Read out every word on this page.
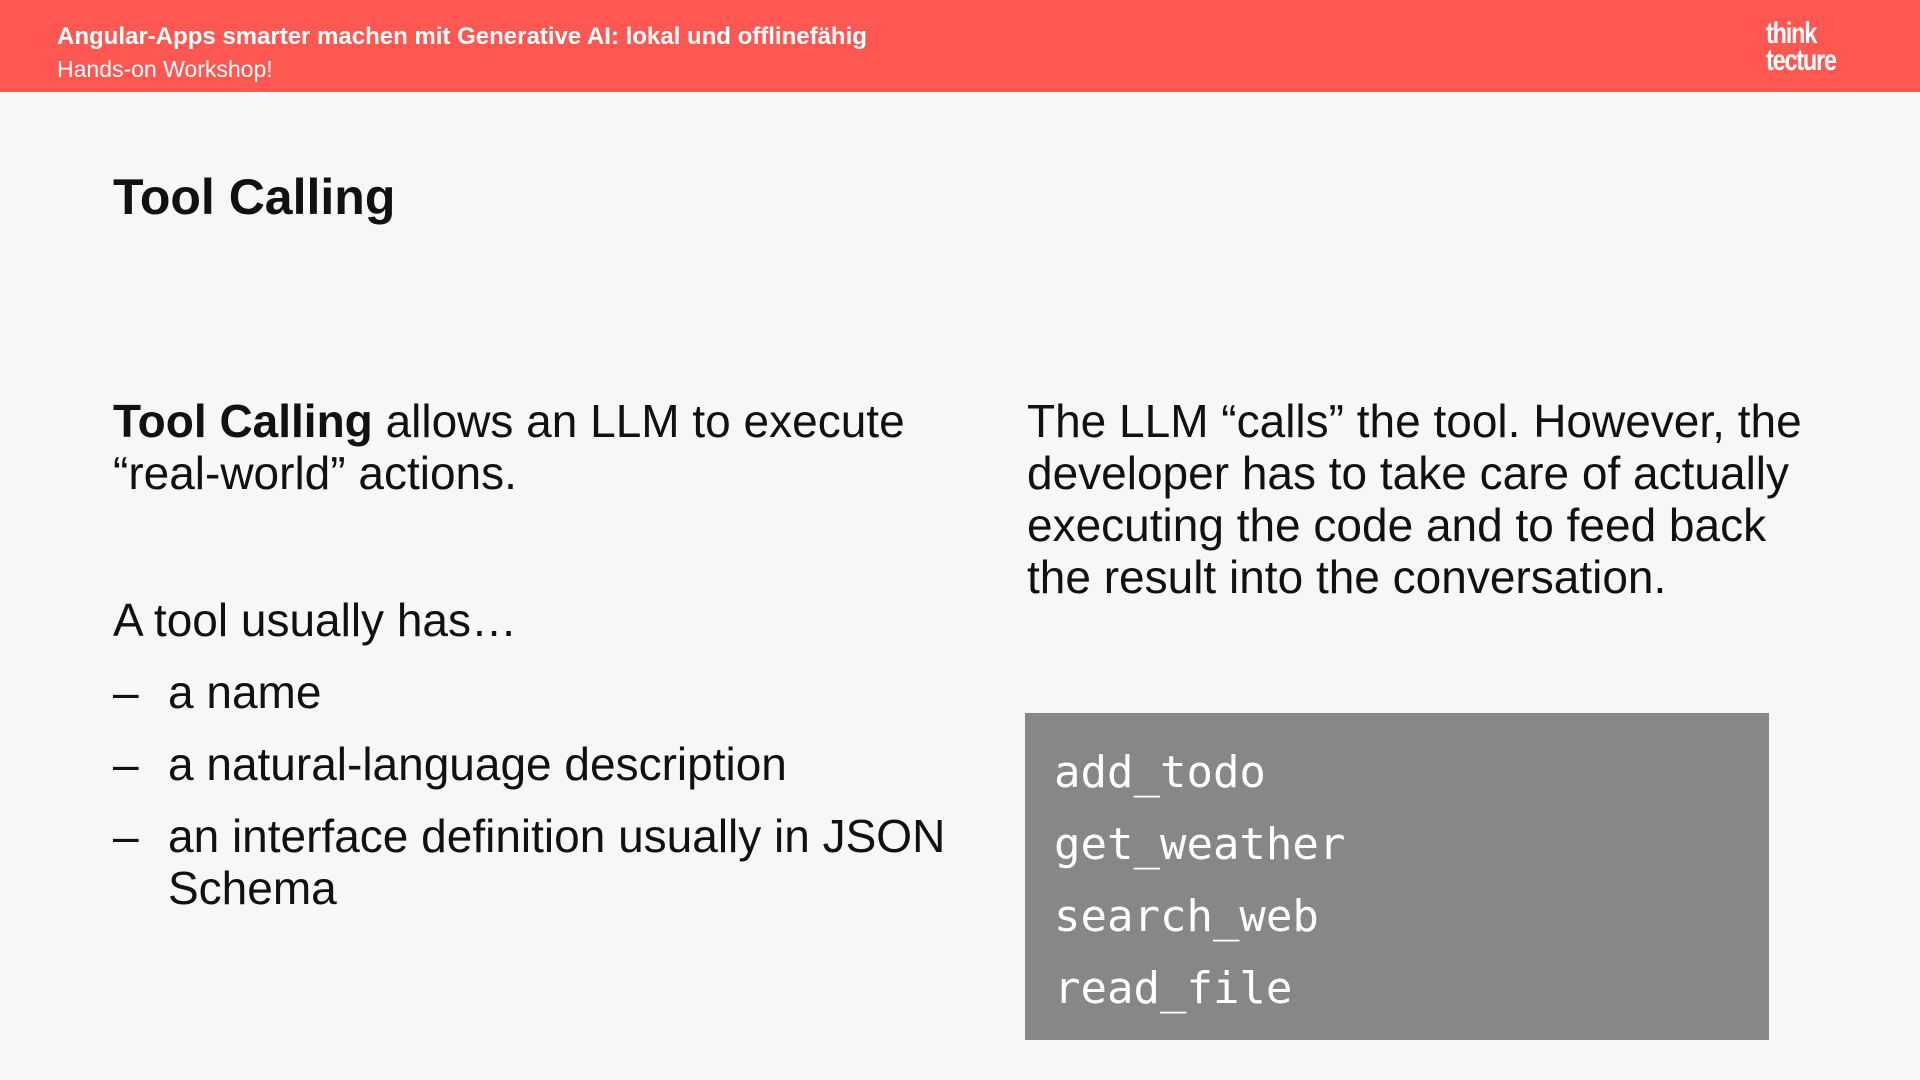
Angular-Apps smarter machen mit Generative AI: lokal und offlinefähig
Hands-on Workshop!
think
tecture
Tool Calling

Tool Calling allows an LLM to execute “real-world” actions.

A tool usually has…

– a name
– a natural-language description
– an interface definition usually in JSON Schema

The LLM “calls” the tool. However, the developer has to take care of actually executing the code and to feed back the result into the conversation.

add_todo

get_weather

search_web

read_file
